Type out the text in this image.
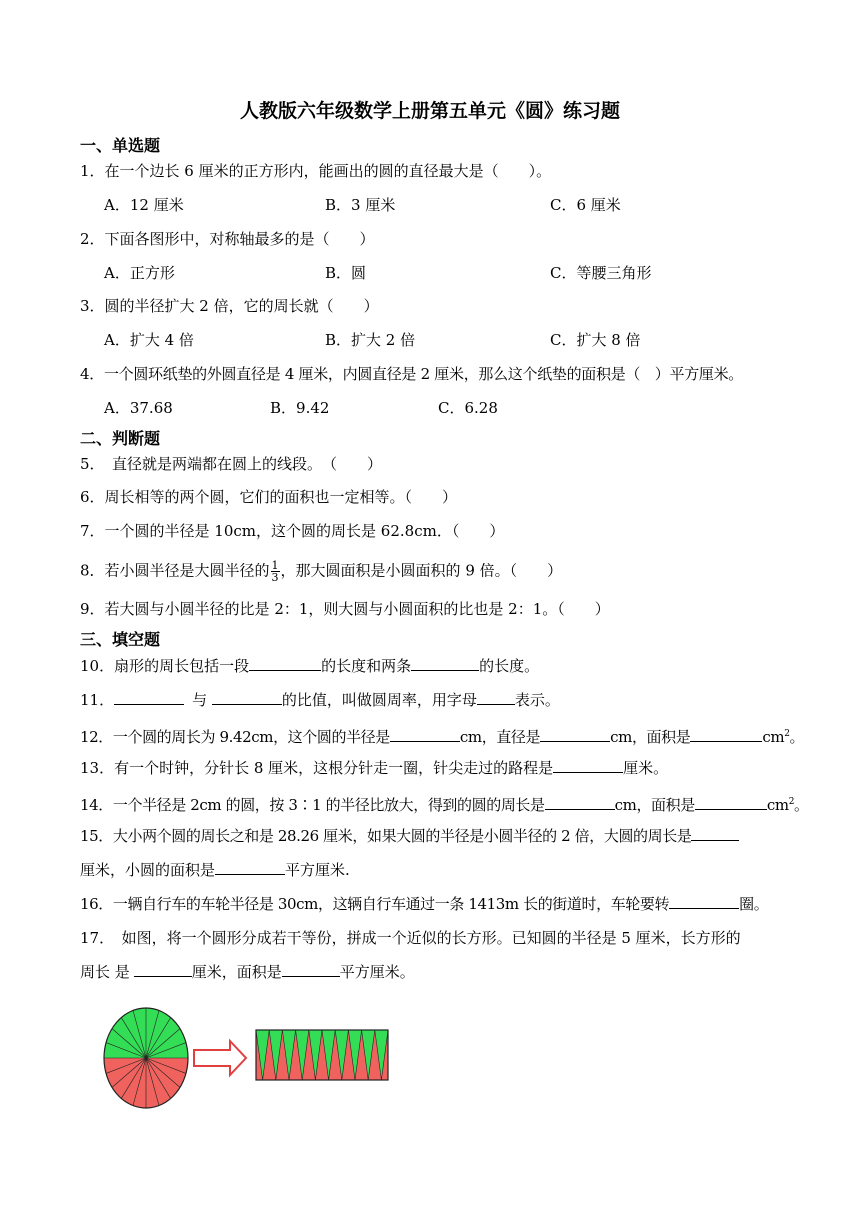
人教版六年级数学上册第五单元《圆》练习题
一、单选题
1．在一个边长 6 厘米的正方形内，能画出的圆的直径最大是（　　）。
A．12 厘米	B．3 厘米	C．6 厘米
2．下面各图形中，对称轴最多的是（　　）
A．正方形	B．圆	C．等腰三角形
3．圆的半径扩大 2 倍，它的周长就（　　）
A．扩大 4 倍	B．扩大 2 倍	C．扩大 8 倍
4．一个圆环纸垫的外圆直径是 4 厘米，内圆直径是 2 厘米，那么这个纸垫的面积是（　）平方厘米。
A．37.68	B．9.42	C．6.28
二、判断题
5．　直径就是两端都在圆上的线段。　（　　）
6．周长相等的两个圆，它们的面积也一定相等。（　　）
7．一个圆的半径是 10cm，这个圆的周长是 62.8cm．（　　）
8．若小圆半径是大圆半径的 $\frac{1}{3}$ ，那大圆面积是小圆面积的 9 倍。（　　）
9．若大圆与小圆半径的比是 2：1，则大圆与小圆面积的比也是 2：1。（　　）
三、填空题
10．扇形的周长包括一段	的长度和两条	的长度。
11．	与	的比值，叫做圆周率，用字母	表示。
12．一个圆的周长为 9.42cm，这个圆的半径是	cm，直径是	cm，面积是	$cm^2$。
13．有一个时钟，分针长 8 厘米，这根分针走一圈，针尖走过的路程是	厘米。
14．一个半径是 2cm 的圆，按 3∶1 的半径比放大，得到的圆的周长是	cm，面积是	$cm^2$。
15．大小两个圆的周长之和是 28.26 厘米，如果大圆的半径是小圆半径的 2 倍，大圆的周长是
厘米，小圆的面积是	平方厘米.
16．一辆自行车的车轮半径是 30cm，这辆自行车通过一条 1413m 长的街道时，车轮要转	圈。
17．　如图，将一个圆形分成若干等份，拼成一个近似的长方形。已知圆的半径是 5 厘米，长方形的
周长 是	厘米，面积是	平方厘米。
